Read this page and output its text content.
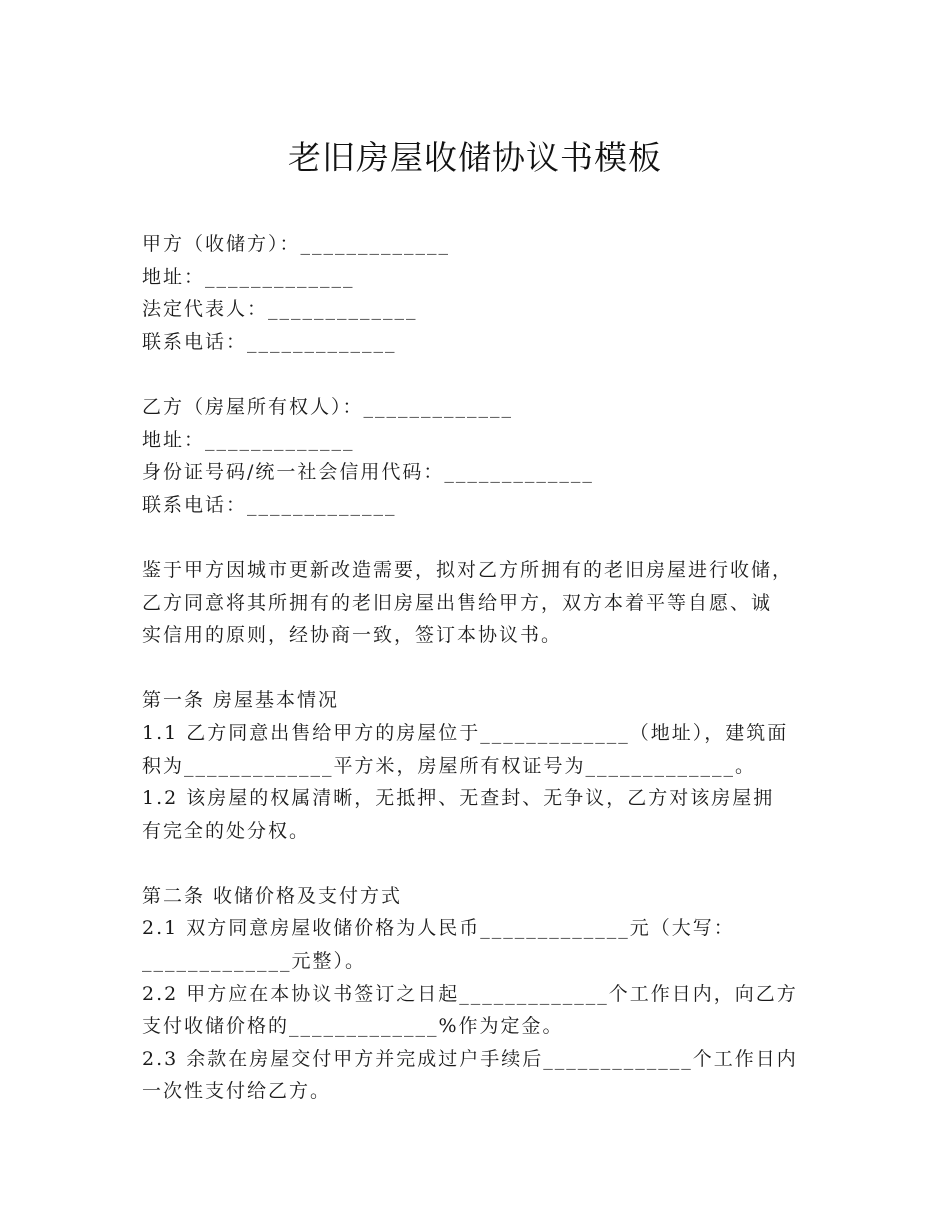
老旧房屋收储协议书模板
甲方（收储方）：_____________
地址：_____________
法定代表人：_____________
联系电话：_____________
乙方（房屋所有权人）：_____________
地址：_____________
身份证号码/统一社会信用代码：_____________
联系电话：_____________
鉴于甲方因城市更新改造需要，拟对乙方所拥有的老旧房屋进行收储，
乙方同意将其所拥有的老旧房屋出售给甲方，双方本着平等自愿、诚
实信用的原则，经协商一致，签订本协议书。
第一条 房屋基本情况
1.1 乙方同意出售给甲方的房屋位于_____________（地址），建筑面
积为_____________平方米，房屋所有权证号为_____________。
1.2 该房屋的权属清晰，无抵押、无查封、无争议，乙方对该房屋拥
有完全的处分权。
第二条 收储价格及支付方式
2.1 双方同意房屋收储价格为人民币_____________元（大写：
_____________元整）。
2.2 甲方应在本协议书签订之日起_____________个工作日内，向乙方
支付收储价格的_____________%作为定金。
2.3 余款在房屋交付甲方并完成过户手续后_____________个工作日内
一次性支付给乙方。
